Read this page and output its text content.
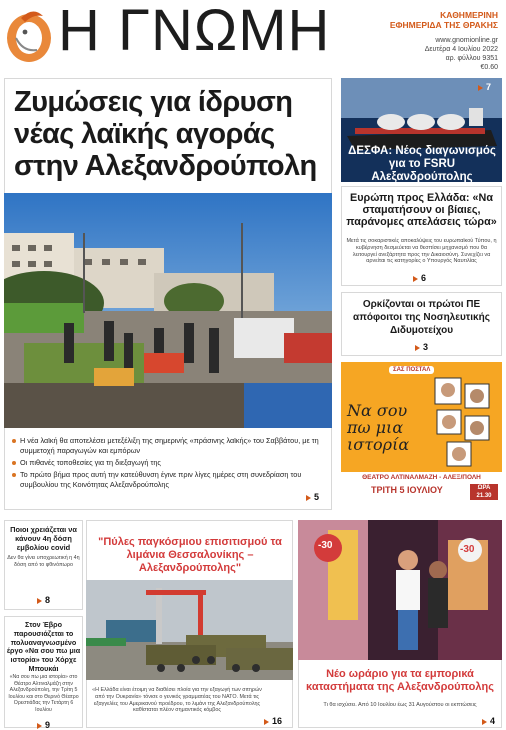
Η ΓΝΩΜΗ	ΚΑΘΗΜΕΡΙΝΗ
ΕΦΗΜΕΡΙΔΑ ΤΗΣ ΘΡΑΚΗΣ
www.gnomionline.gr
Δευτέρα 4 Ιουλίου 2022
αρ. φύλλου 9351
€0.60
Ζυμώσεις για ίδρυση νέας λαϊκής αγοράς στην Αλεξανδρούπολη
Η νέα λαϊκή θα αποτελέσει μετεξέλιξη της σημερινής «πράσινης λαϊκής» του Σαββάτου, με τη συμμετοχή παραγωγών και εμπόρων
Οι πιθανές τοποθεσίες για τη διεξαγωγή της
Το πρώτο βήμα προς αυτή την κατεύθυνση έγινε πριν λίγες ημέρες στη συνεδρίαση του συμβουλίου της Κοινότητας Αλεξανδρούπολης
5
ΔΕΣΦΑ: Νέος διαγωνισμός για το FSRU Αλεξανδρούπολης
7
Ευρώπη προς Ελλάδα: «Να σταματήσουν οι βίαιες, παράνομες απελάσεις τώρα»
Μετά τις σοκαριστικές αποκαλύψεις του ευρωπαϊκού Τύπου, η κυβέρνηση δεσμεύεται να θεσπίσει μηχανισμό που θα λειτουργεί ανεξάρτητα προς την Δικαιοσύνη. Συνεχίζει να αρνείται τις κατηγορίες ο Υπουργός Ναυτιλίας
6
Ορκίζονται οι πρώτοι ΠΕ απόφοιτοι της Νοσηλευτικής Διδυμοτείχου
3
ΣΑΣ ΠΟΣΤΑΛ
Να σου πω μια ιστορία
ΘΕΑΤΡΟ ΑΛΤΙΝΑΛΜΑΖΗ - ΑΛΕΞ/ΠΟΛΗ
ΤΡΙΤΗ 5 ΙΟΥΛΙΟΥ	ΩΡΑ
21.30
Ποιοι χρειάζεται να κάνουν 4η δόση εμβολίου covid
Δεν θα γίνει υποχρεωτική η 4η δόση από το φθινόπωρο
8
Στον Έβρο παρουσιάζεται το πολυαναγνωσμένο έργο «Να σου πω μια ιστορία» του Χόρχε Μπουκάι
«Να σου πω μια ιστορία» στο Θέατρο Αλτιναλμάζη στην Αλεξανδρούπολη, την Τρίτη 5 Ιουλίου και στο Θερινό Θέατρο Ορεστιάδας την Τετάρτη 6 Ιουλίου
9
"Πύλες παγκόσμιου επισιτισμού τα λιμάνια Θεσσαλονίκης – Αλεξανδρούπολης"
«Η Ελλάδα είναι έτοιμη να διαθέσει πλοία για την εξαγωγή των σιτηρών από την Ουκρανία» τόνισε ο γενικός γραμματέας του ΝΑΤΟ. Μετά τις εξαγγελίες του Αμερικανού προέδρου, το λιμάνι της Αλεξανδρούπολης καθίσταται πλέον σημαντικός κόμβος
16
-30	-30
Νέο ωράριο για τα εμπορικά καταστήματα της Αλεξανδρούπολης
Τι θα ισχύσει. Από 10 Ιουλίου έως 31 Αυγούστου οι εκπτώσεις
4
